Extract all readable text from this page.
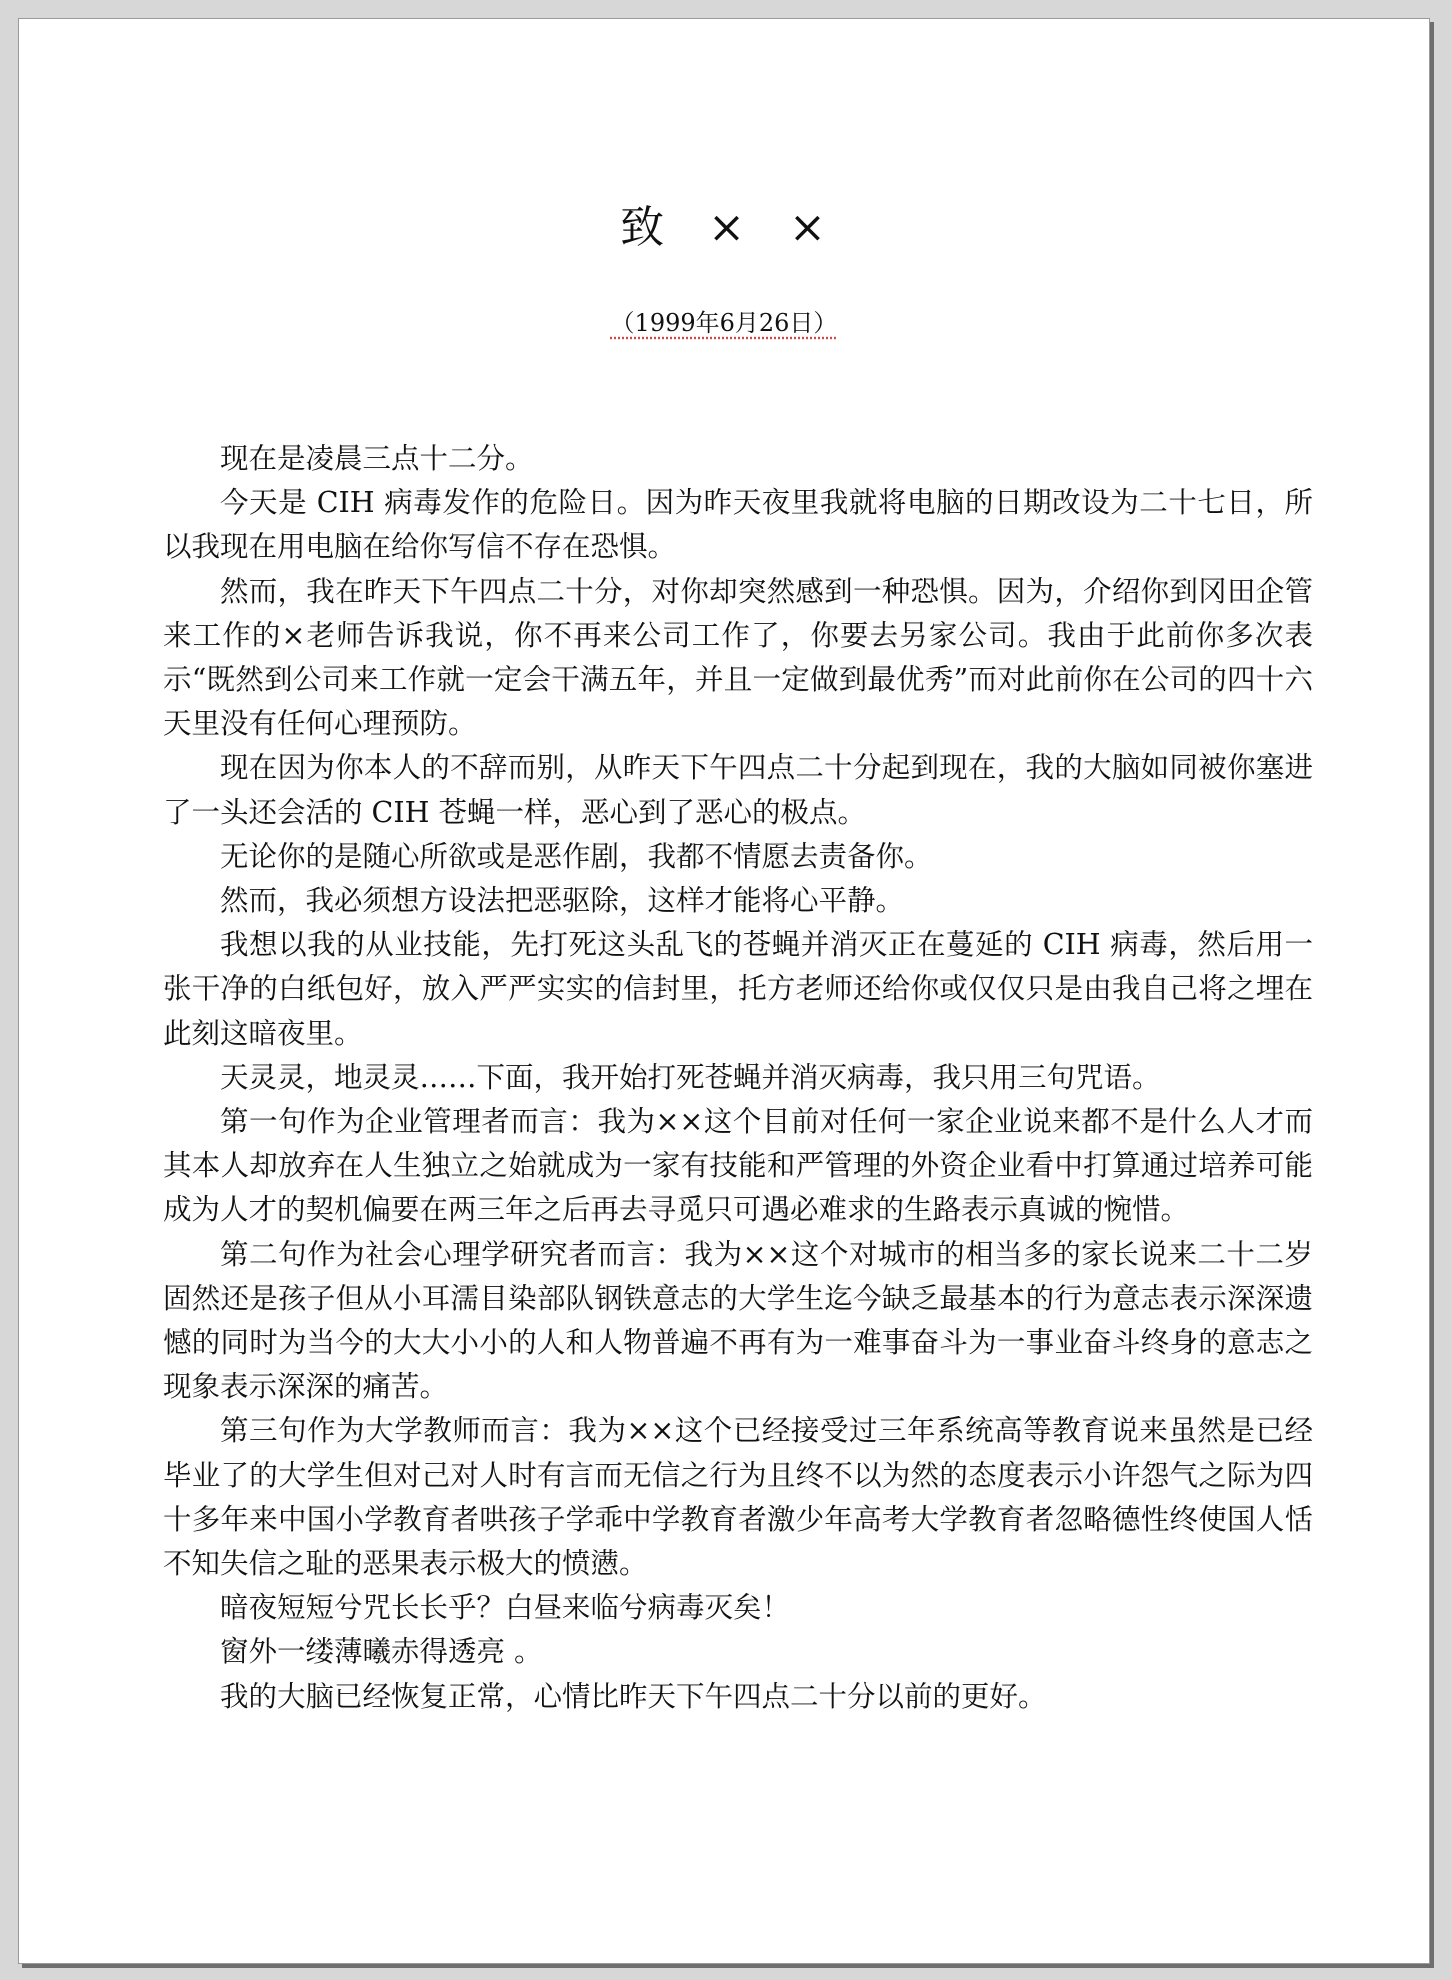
致 × ×
（1999年6月26日）

现在是凌晨三点十二分。

今天是 CIH 病毒发作的危险日。因为昨天夜里我就将电脑的日期改设为二十七日，所以我现在用电脑在给你写信不存在恐惧。

然而，我在昨天下午四点二十分，对你却突然感到一种恐惧。因为，介绍你到冈田企管来工作的×老师告诉我说，你不再来公司工作了，你要去另家公司。我由于此前你多次表示“既然到公司来工作就一定会干满五年，并且一定做到最优秀”而对此前你在公司的四十六天里没有任何心理预防。

现在因为你本人的不辞而别，从昨天下午四点二十分起到现在，我的大脑如同被你塞进了一头还会活的 CIH 苍蝇一样，恶心到了恶心的极点。

无论你的是随心所欲或是恶作剧，我都不情愿去责备你。

然而，我必须想方设法把恶驱除，这样才能将心平静。

我想以我的从业技能，先打死这头乱飞的苍蝇并消灭正在蔓延的 CIH 病毒，然后用一张干净的白纸包好，放入严严实实的信封里，托方老师还给你或仅仅只是由我自己将之埋在此刻这暗夜里。

天灵灵，地灵灵……下面，我开始打死苍蝇并消灭病毒，我只用三句咒语。

第一句作为企业管理者而言：我为××这个目前对任何一家企业说来都不是什么人才而其本人却放弃在人生独立之始就成为一家有技能和严管理的外资企业看中打算通过培养可能成为人才的契机偏要在两三年之后再去寻觅只可遇必难求的生路表示真诚的惋惜。

第二句作为社会心理学研究者而言：我为××这个对城市的相当多的家长说来二十二岁固然还是孩子但从小耳濡目染部队钢铁意志的大学生迄今缺乏最基本的行为意志表示深深遗憾的同时为当今的大大小小的人和人物普遍不再有为一难事奋斗为一事业奋斗终身的意志之现象表示深深的痛苦。

第三句作为大学教师而言：我为××这个已经接受过三年系统高等教育说来虽然是已经毕业了的大学生但对己对人时有言而无信之行为且终不以为然的态度表示小许怨气之际为四十多年来中国小学教育者哄孩子学乖中学教育者激少年高考大学教育者忽略德性终使国人恬不知失信之耻的恶果表示极大的愤懑。

暗夜短短兮咒长长乎？白昼来临兮病毒灭矣！

窗外一缕薄曦赤得透亮 。

我的大脑已经恢复正常，心情比昨天下午四点二十分以前的更好。
